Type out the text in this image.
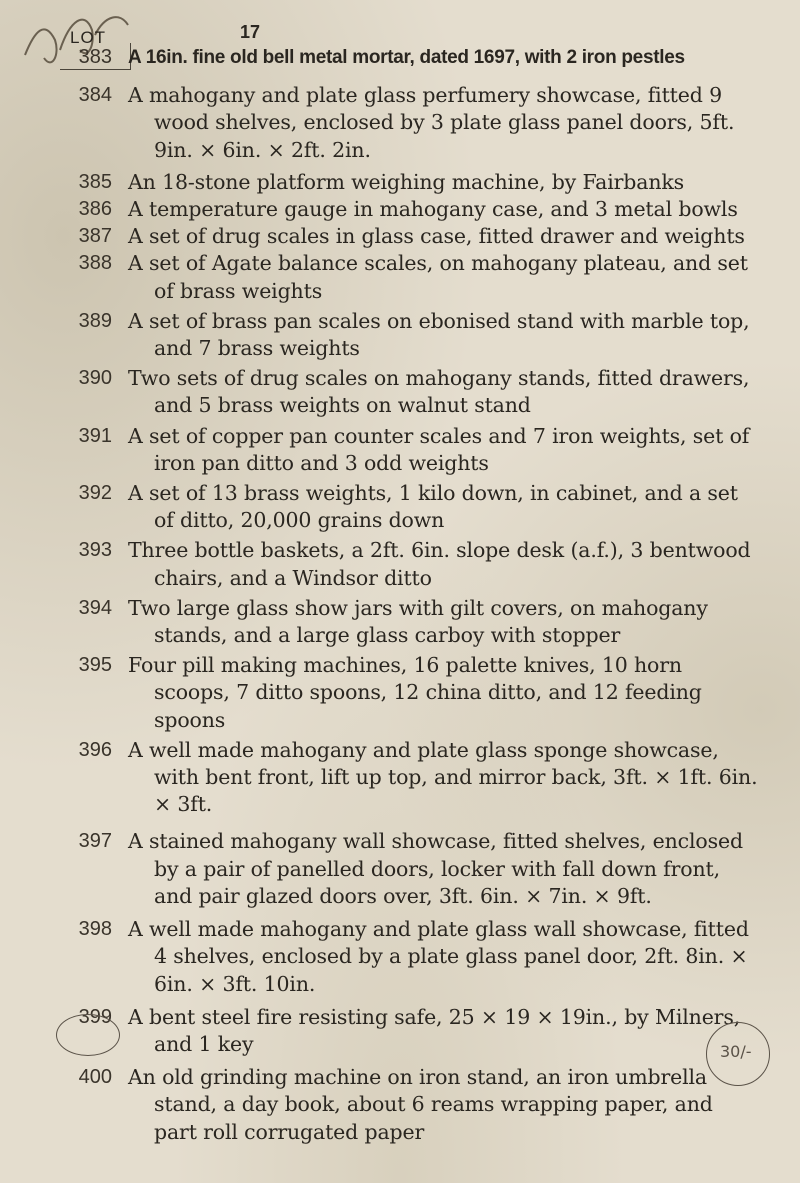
LOT	17
383 A 16in. fine old bell metal mortar, dated 1697, with 2 iron pestles
384 A mahogany and plate glass perfumery showcase, fitted 9 wood shelves, enclosed by 3 plate glass panel doors, 5ft. 9in. × 6in. × 2ft. 2in.
385 An 18-stone platform weighing machine, by Fairbanks
386 A temperature gauge in mahogany case, and 3 metal bowls
387 A set of drug scales in glass case, fitted drawer and weights
388 A set of Agate balance scales, on mahogany plateau, and set of brass weights
389 A set of brass pan scales on ebonised stand with marble top, and 7 brass weights
390 Two sets of drug scales on mahogany stands, fitted drawers, and 5 brass weights on walnut stand
391 A set of copper pan counter scales and 7 iron weights, set of iron pan ditto and 3 odd weights
392 A set of 13 brass weights, 1 kilo down, in cabinet, and a set of ditto, 20,000 grains down
393 Three bottle baskets, a 2ft. 6in. slope desk (a.f.), 3 bentwood chairs, and a Windsor ditto
394 Two large glass show jars with gilt covers, on mahogany stands, and a large glass carboy with stopper
395 Four pill making machines, 16 palette knives, 10 horn scoops, 7 ditto spoons, 12 china ditto, and 12 feeding spoons
396 A well made mahogany and plate glass sponge showcase, with bent front, lift up top, and mirror back, 3ft. × 1ft. 6in. × 3ft.
397 A stained mahogany wall showcase, fitted shelves, enclosed by a pair of panelled doors, locker with fall down front, and pair glazed doors over, 3ft. 6in. × 7in. × 9ft.
398 A well made mahogany and plate glass wall showcase, fitted 4 shelves, enclosed by a plate glass panel door, 2ft. 8in. × 6in. × 3ft. 10in.
399 A bent steel fire resisting safe, 25 × 19 × 19in., by Milners, and 1 key
400 An old grinding machine on iron stand, an iron umbrella stand, a day book, about 6 reams wrapping paper, and part roll corrugated paper
30/-
